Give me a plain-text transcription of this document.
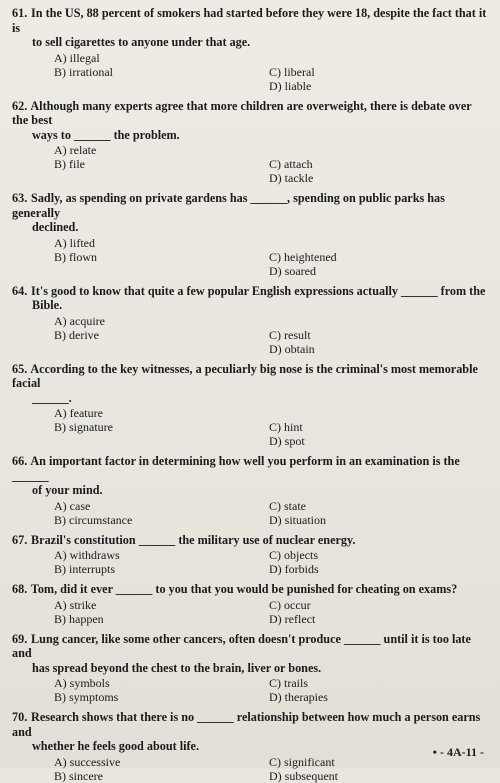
61. In the US, 88 percent of smokers had started before they were 18, despite the fact that it is
to sell cigarettes to anyone under that age.
A) illegal
B) irrational	C) liberal
D) liable
62. Although many experts agree that more children are overweight, there is debate over the best
ways to ______ the problem.
A) relate
B) file	C) attach
D) tackle
63. Sadly, as spending on private gardens has ______, spending on public parks has generally
declined.
A) lifted
B) flown	C) heightened
D) soared
64. It's good to know that quite a few popular English expressions actually ______ from the
Bible.
A) acquire
B) derive	C) result
D) obtain
65. According to the key witnesses, a peculiarly big nose is the criminal's most memorable facial
______.
A) feature
B) signature	C) hint
D) spot
66. An important factor in determining how well you perform in an examination is the ______
of your mind.
A) case	C) state
B) circumstance	D) situation
67. Brazil's constitution ______ the military use of nuclear energy.
A) withdraws	C) objects
B) interrupts	D) forbids
68. Tom, did it ever ______ to you that you would be punished for cheating on exams?
A) strike	C) occur
B) happen	D) reflect
69. Lung cancer, like some other cancers, often doesn't produce ______ until it is too late and
has spread beyond the chest to the brain, liver or bones.
A) symbols	C) trails
B) symptoms	D) therapies
70. Research shows that there is no ______ relationship between how much a person earns and
whether he feels good about life.
A) successive	C) significant
B) sincere	D) subsequent
• - 4A-11 -
